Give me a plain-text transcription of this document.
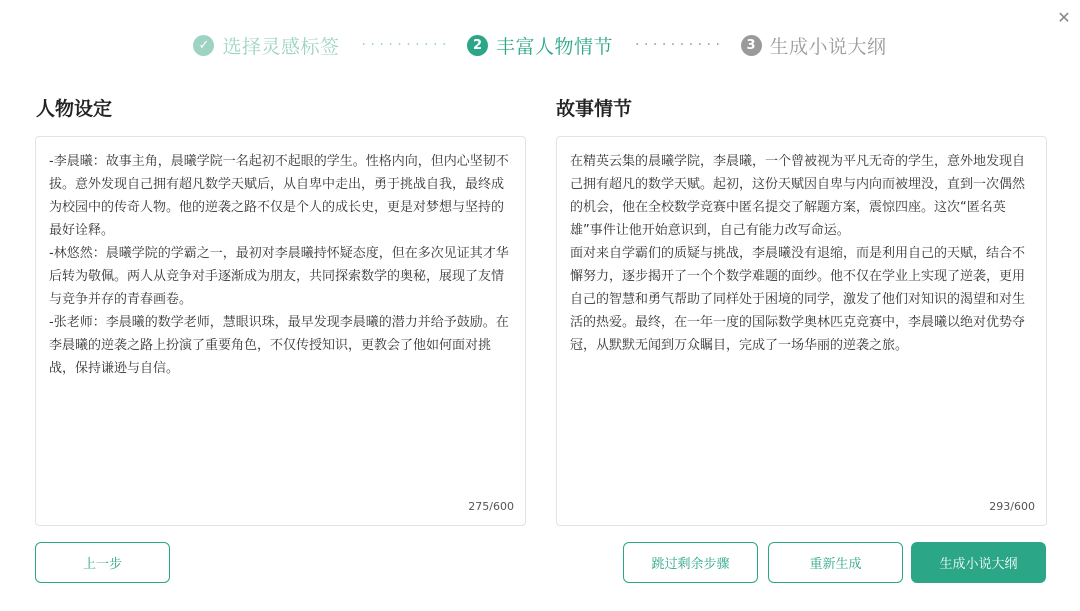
✕
✓ 选择灵感标签 ··········	2 丰富人物情节 ··········	3 生成小说大纲
人物设定	故事情节
-李晨曦：故事主角，晨曦学院一名起初不起眼的学生。性格内向，但内心坚韧不拔。意外发现自己拥有超凡数学天赋后，从自卑中走出，勇于挑战自我，最终成为校园中的传奇人物。他的逆袭之路不仅是个人的成长史，更是对梦想与坚持的最好诠释。
-林悠然：晨曦学院的学霸之一，最初对李晨曦持怀疑态度，但在多次见证其才华后转为敬佩。两人从竞争对手逐渐成为朋友，共同探索数学的奥秘，展现了友情与竞争并存的青春画卷。
-张老师：李晨曦的数学老师，慧眼识珠，最早发现李晨曦的潜力并给予鼓励。在李晨曦的逆袭之路上扮演了重要角色，不仅传授知识，更教会了他如何面对挑战，保持谦逊与自信。
275/600
在精英云集的晨曦学院，李晨曦，一个曾被视为平凡无奇的学生，意外地发现自己拥有超凡的数学天赋。起初，这份天赋因自卑与内向而被埋没，直到一次偶然的机会，他在全校数学竞赛中匿名提交了解题方案，震惊四座。这次“匿名英雄”事件让他开始意识到，自己有能力改写命运。
面对来自学霸们的质疑与挑战，李晨曦没有退缩，而是利用自己的天赋，结合不懈努力，逐步揭开了一个个数学难题的面纱。他不仅在学业上实现了逆袭，更用自己的智慧和勇气帮助了同样处于困境的同学，激发了他们对知识的渴望和对生活的热爱。最终，在一年一度的国际数学奥林匹克竞赛中，李晨曦以绝对优势夺冠，从默默无闻到万众瞩目，完成了一场华丽的逆袭之旅。
293/600
上一步	跳过剩余步骤	重新生成	生成小说大纲
